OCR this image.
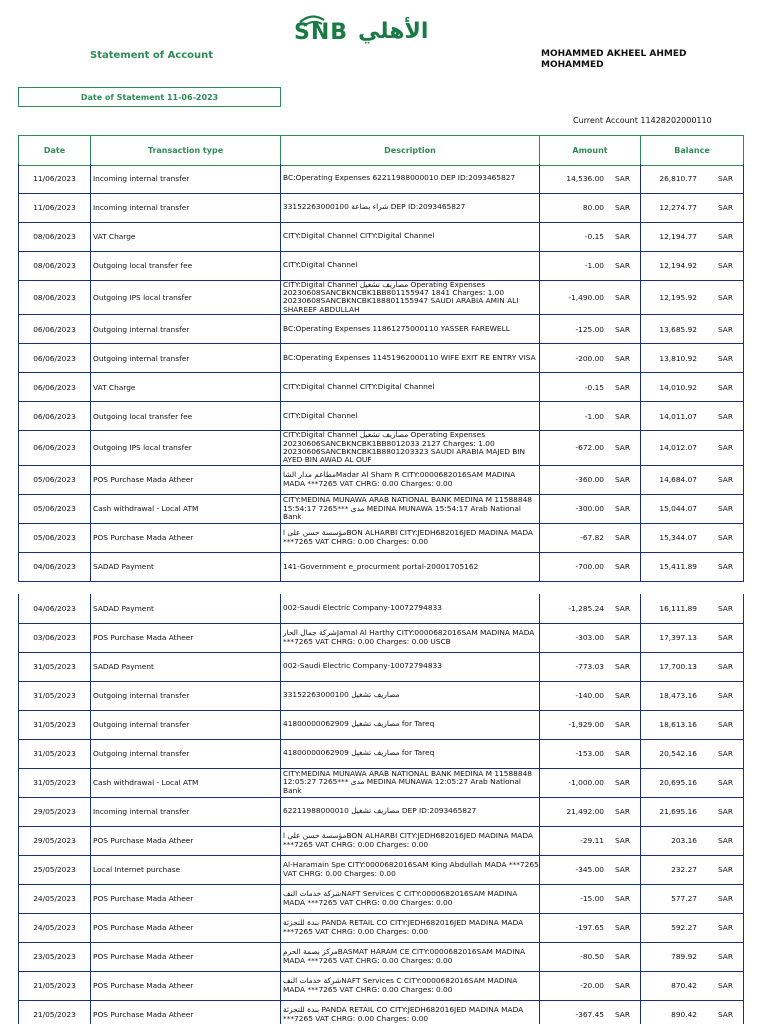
SNB الأهلي
Statement of Account	MOHAMMED AKHEEL AHMED MOHAMMED
Date of Statement 11-06-2023
Current Account 11428202000110
Date	Transaction type	Description	Amount	Balance
11/06/2023	Incoming internal transfer	BC:Operating Expenses 62211988000010 DEP ID:2093465827	14,536.00 SAR	26,810.77 SAR

11/06/2023	Incoming internal transfer	33152263000100 شراء بضاعة DEP ID:2093465827	80.00 SAR	12,274.77 SAR

08/06/2023	VAT Charge	CITY:Digital Channel CITY:Digital Channel	-0.15 SAR	12,194.77 SAR

08/06/2023	Outgoing local transfer fee	CITY:Digital Channel	-1.00 SAR	12,194.92 SAR

08/06/2023	Outgoing IPS local transfer	CITY:Digital Channel مصاريف تشغيل Operating Expenses 20230608SANCBKNCBK1BB801155947 1841 Charges: 1.00 20230608SANCBKNCBK188801155947 SAUDI ARABIA AMIN ALI SHAREEF ABDULLAH	-1,490.00 SAR	12,195.92 SAR

06/06/2023	Outgoing internal transfer	BC:Operating Expenses 11861275000110 YASSER FAREWELL	-125.00 SAR	13,685.92 SAR

06/06/2023	Outgoing internal transfer	BC:Operating Expenses 11451962000110 WIFE EXIT RE ENTRY VISA	-200.00 SAR	13,810.92 SAR

06/06/2023	VAT Charge	CITY:Digital Channel CITY:Digital Channel	-0.15 SAR	14,010.92 SAR

06/06/2023	Outgoing local transfer fee	CITY:Digital Channel	-1.00 SAR	14,011.07 SAR

06/06/2023	Outgoing IPS local transfer	CITY:Digital Channel مصاريف تشغيل Operating Expenses 20230606SANCBKNCBK1BB8012033 2127 Charges: 1.00 20230606SANCBKNCBK1B8801203323 SAUDI ARABIA MAJED BIN AYED BIN AWAD AL OUF	-672.00 SAR	14,012.07 SAR

05/06/2023	POS Purchase Mada Atheer	مطاعم مدار الشاMadar Al Sham R CITY:0000682016SAM MADINA MADA ***7265 VAT CHRG: 0.00 Charges: 0.00	-360.00 SAR	14,684.07 SAR

05/06/2023	Cash withdrawal - Local ATM	CITY:MEDINA MUNAWA ARAB NATIONAL BANK MEDINA M 11588848 15:54:17 7265*** مدى MEDINA MUNAWA 15:54:17 Arab National Bank	-300.00 SAR	15,044.07 SAR

05/06/2023	POS Purchase Mada Atheer	مؤسسة حسن على اBON ALHARBI CITY:JEDH682016JED MADINA MADA ***7265 VAT CHRG: 0.00 Charges: 0.00	-67.82 SAR	15,344.07 SAR

04/06/2023	SADAD Payment	141-Government e_procurment portal-20001705162	-700.00 SAR	15,411.89 SAR
04/06/2023	SADAD Payment	002-Saudi Electric Company-10072794833	-1,285.24 SAR	16,111.89 SAR

03/06/2023	POS Purchase Mada Atheer	شركة جمال الحارJamal Al Harthy CITY:0000682016SAM MADINA MADA ***7265 VAT CHRG: 0.00 Charges: 0.00 USCB	-303.00 SAR	17,397.13 SAR

31/05/2023	SADAD Payment	002-Saudi Electric Company-10072794833	-773.03 SAR	17,700.13 SAR

31/05/2023	Outgoing internal transfer	33152263000100 مصاريف تشغيل	-140.00 SAR	18,473.16 SAR

31/05/2023	Outgoing internal transfer	41800000062909 مصاريف تشغيل for Tareq	-1,929.00 SAR	18,613.16 SAR

31/05/2023	Outgoing internal transfer	41800000062909 مصاريف تشغيل for Tareq	-153.00 SAR	20,542.16 SAR

31/05/2023	Cash withdrawal - Local ATM	CITY:MEDINA MUNAWA ARAB NATIONAL BANK MEDINA M 11588848 12:05:27 7265*** مدى MEDINA MUNAWA 12:05:27 Arab National Bank	-1,000.00 SAR	20,695.16 SAR

29/05/2023	Incoming internal transfer	62211988000010 مصاريف تشغيل DEP ID:2093465827	21,492.00 SAR	21,695.16 SAR

29/05/2023	POS Purchase Mada Atheer	مؤسسة حسن على اBON ALHARBI CITY:JEDH682016JED MADINA MADA ***7265 VAT CHRG: 0.00 Charges: 0.00	-29.11 SAR	203.16 SAR

25/05/2023	Local Internet purchase	Al-Haramain Spe CITY:0000682016SAM King Abdullah MADA ***7265 VAT CHRG: 0.00 Charges: 0.00	-345.00 SAR	232.27 SAR

24/05/2023	POS Purchase Mada Atheer	شركة خدمات النفNAFT Services C CITY:0000682016SAM MADINA MADA ***7265 VAT CHRG: 0.00 Charges: 0.00	-15.00 SAR	577.27 SAR

24/05/2023	POS Purchase Mada Atheer	بندة للتجزئة PANDA RETAIL CO CITY:JEDH682016JED MADINA MADA ***7265 VAT CHRG: 0.00 Charges: 0.00	-197.65 SAR	592.27 SAR

23/05/2023	POS Purchase Mada Atheer	مركز بصمة الحرمBASMAT HARAM CE CITY:0000682016SAM MADINA MADA ***7265 VAT CHRG: 0.00 Charges: 0.00	-80.50 SAR	789.92 SAR

21/05/2023	POS Purchase Mada Atheer	شركة خدمات النفNAFT Services C CITY:0000682016SAM MADINA MADA ***7265 VAT CHRG: 0.00 Charges: 0.00	-20.00 SAR	870.42 SAR

21/05/2023	POS Purchase Mada Atheer	بندة للتجزئة PANDA RETAIL CO CITY:JEDH682016JED MADINA MADA ***7265 VAT CHRG: 0.00 Charges: 0.00	-367.45 SAR	890.42 SAR
